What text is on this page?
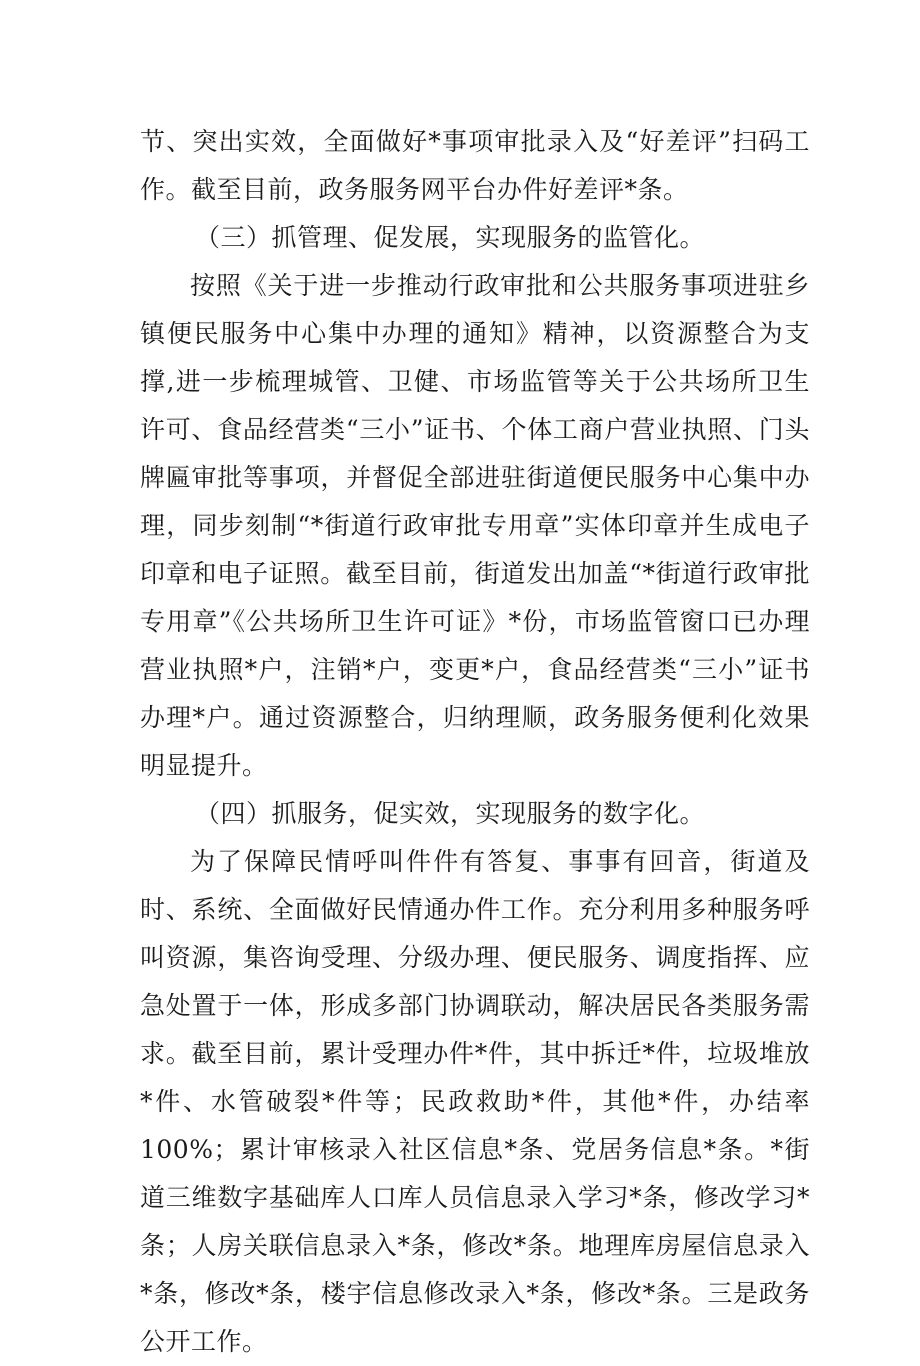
节、突出实效，全面做好*事项审批录入及“好差评”扫码工作。截至目前，政务服务网平台办件好差评*条。

（三）抓管理、促发展，实现服务的监管化。

按照《关于进一步推动行政审批和公共服务事项进驻乡镇便民服务中心集中办理的通知》精神，以资源整合为支撑,进一步梳理城管、卫健、市场监管等关于公共场所卫生许可、食品经营类“三小”证书、个体工商户营业执照、门头牌匾审批等事项，并督促全部进驻街道便民服务中心集中办理，同步刻制“*街道行政审批专用章”实体印章并生成电子印章和电子证照。截至目前，街道发出加盖“*街道行政审批专用章”《公共场所卫生许可证》*份，市场监管窗口已办理营业执照*户，注销*户，变更*户，食品经营类“三小”证书办理*户。通过资源整合，归纳理顺，政务服务便利化效果明显提升。

（四）抓服务，促实效，实现服务的数字化。

为了保障民情呼叫件件有答复、事事有回音，街道及时、系统、全面做好民情通办件工作。充分利用多种服务呼叫资源，集咨询受理、分级办理、便民服务、调度指挥、应急处置于一体，形成多部门协调联动，解决居民各类服务需求。截至目前，累计受理办件*件，其中拆迁*件，垃圾堆放*件、水管破裂*件等；民政救助*件，其他*件，办结率 100%；累计审核录入社区信息*条、党居务信息*条。*街道三维数字基础库人口库人员信息录入学习*条，修改学习*条；人房关联信息录入*条，修改*条。地理库房屋信息录入*条，修改*条，楼宇信息修改录入*条，修改*条。三是政务公开工作。
